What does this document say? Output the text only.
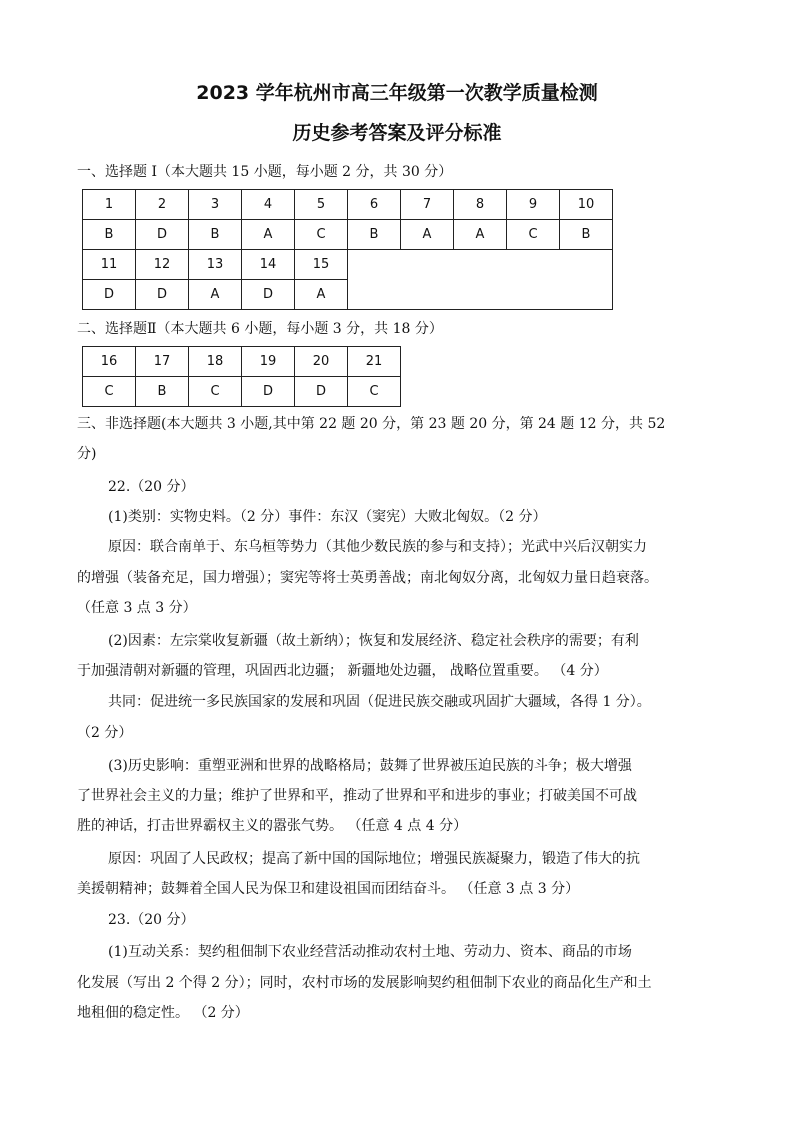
2023 学年杭州市高三年级第一次教学质量检测
历史参考答案及评分标准
一、选择题 Ⅰ（本大题共 15 小题，每小题 2 分，共 30 分）
1	2	3	4	5	6	7	8	9	10
B	D	B	A	C	B	A	A	C	B
11	12	13	14	15					
D	D	A	D	A					
二、选择题Ⅱ（本大题共 6 小题，每小题 3 分，共 18 分）
16	17	18	19	20	21
C	B	C	D	D	C
三、非选择题(本大题共 3 小题,其中第 22 题 20 分，第 23 题 20 分，第 24 题 12 分，共 52
分)
22.（20 分）
(1)类别：实物史料。（2 分）事件：东汉（窦宪）大败北匈奴。（2 分）
原因：联合南单于、东乌桓等势力（其他少数民族的参与和支持）；光武中兴后汉朝实力
的增强（装备充足，国力增强）；窦宪等将士英勇善战；南北匈奴分离，北匈奴力量日趋衰落。
（任意 3 点 3 分）
(2)因素：左宗棠收复新疆（故土新纳）；恢复和发展经济、稳定社会秩序的需要；有利
于加强清朝对新疆的管理，巩固西北边疆； 新疆地处边疆， 战略位置重要。 （4 分）
共同：促进统一多民族国家的发展和巩固（促进民族交融或巩固扩大疆域，各得 1 分）。
（2 分）
(3)历史影响：重塑亚洲和世界的战略格局；鼓舞了世界被压迫民族的斗争；极大增强
了世界社会主义的力量；维护了世界和平，推动了世界和平和进步的事业；打破美国不可战
胜的神话，打击世界霸权主义的嚣张气势。 （任意 4 点 4 分）
原因：巩固了人民政权；提高了新中国的国际地位；增强民族凝聚力，锻造了伟大的抗
美援朝精神；鼓舞着全国人民为保卫和建设祖国而团结奋斗。 （任意 3 点 3 分）
23.（20 分）
(1)互动关系：契约租佃制下农业经营活动推动农村土地、劳动力、资本、商品的市场
化发展（写出 2 个得 2 分）；同时，农村市场的发展影响契约租佃制下农业的商品化生产和土
地租佃的稳定性。 （2 分）
